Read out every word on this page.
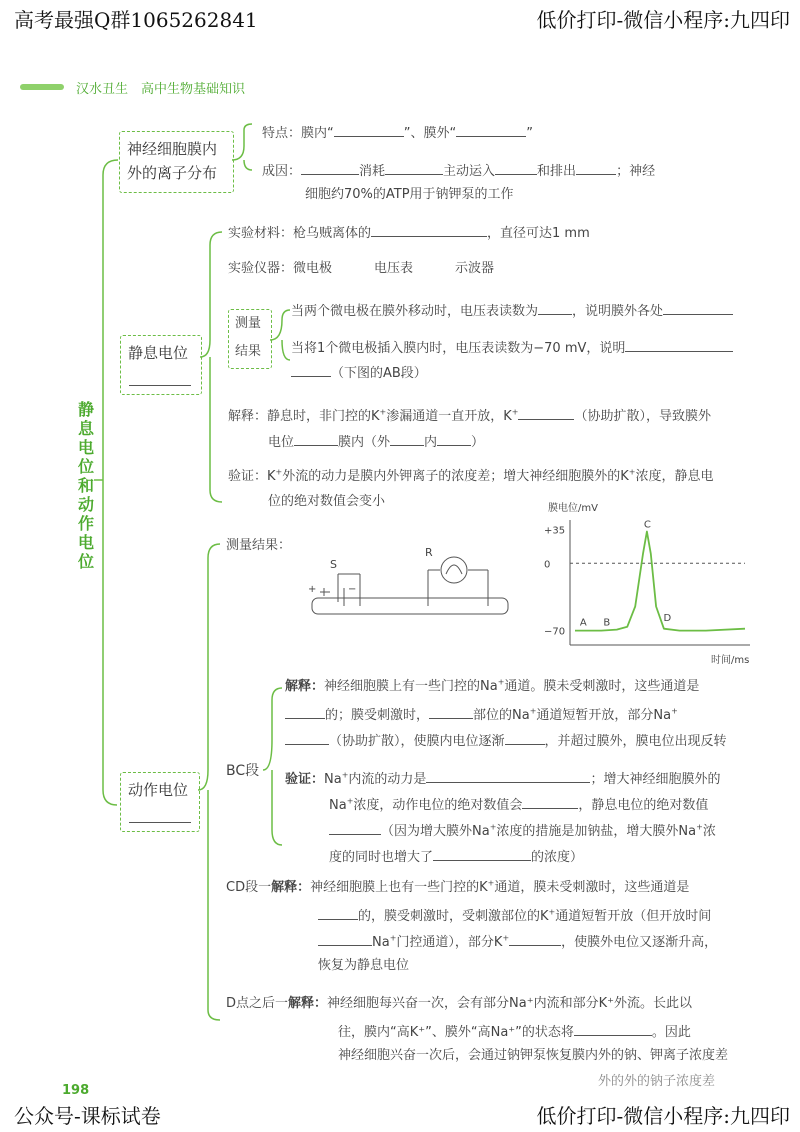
高考最强Q群1065262841	低价打印-微信小程序:九四印
公众号-课标试卷	低价打印-微信小程序:九四印
198
汉水丑生 高中生物基础知识
静息电位和动作电位
神经细胞膜内
外的离子分布
特点：膜内“	”、膜外“	”
成因：	消耗	主动运入	和排出	；神经
细胞约70%的ATP用于钠钾泵的工作
静息电位
实验材料：枪乌贼离体的	，直径可达1 mm
实验仪器：微电极	电压表	示波器
测量
结果
当两个微电极在膜外移动时，电压表读数为	，说明膜外各处
当将1个微电极插入膜内时，电压表读数为−70 mV，说明
（下图的AB段）
解释：静息时，非门控的K+渗漏通道一直开放，K+	（协助扩散），导致膜外
电位	膜内（外	内	）
验证：K+外流的动力是膜内外钾离子的浓度差；增大神经细胞膜外的K+浓度，静息电
位的绝对数值会变小
动作电位
测量结果：
S
R
+	−
膜电位/mV
时间/ms
+35
0
−70
A B
C
D
BC段
解释：神经细胞膜上有一些门控的Na+通道。膜未受刺激时，这些通道是
的；膜受刺激时，	部位的Na+通道短暂开放，部分Na+
（协助扩散），使膜内电位逐渐	，并超过膜外，膜电位出现反转
验证：Na+内流的动力是	；增大神经细胞膜外的
Na+浓度，动作电位的绝对数值会	，静息电位的绝对数值
（因为增大膜外Na+浓度的措施是加钠盐，增大膜外Na+浓
度的同时也增大了	的浓度）
CD段一解释：神经细胞膜上也有一些门控的K+通道，膜未受刺激时，这些通道是
的，膜受刺激时，受刺激部位的K+通道短暂开放（但开放时间
Na+门控通道），部分K+	，使膜外电位又逐渐升高，
恢复为静息电位
D点之后一解释：神经细胞每兴奋一次，会有部分Na⁺内流和部分K⁺外流。长此以
往，膜内“高K⁺”、膜外“高Na⁺”的状态将	。因此
神经细胞兴奋一次后，会通过钠钾泵恢复膜内外的钠、钾离子浓度差
外的外的钠子浓度差
